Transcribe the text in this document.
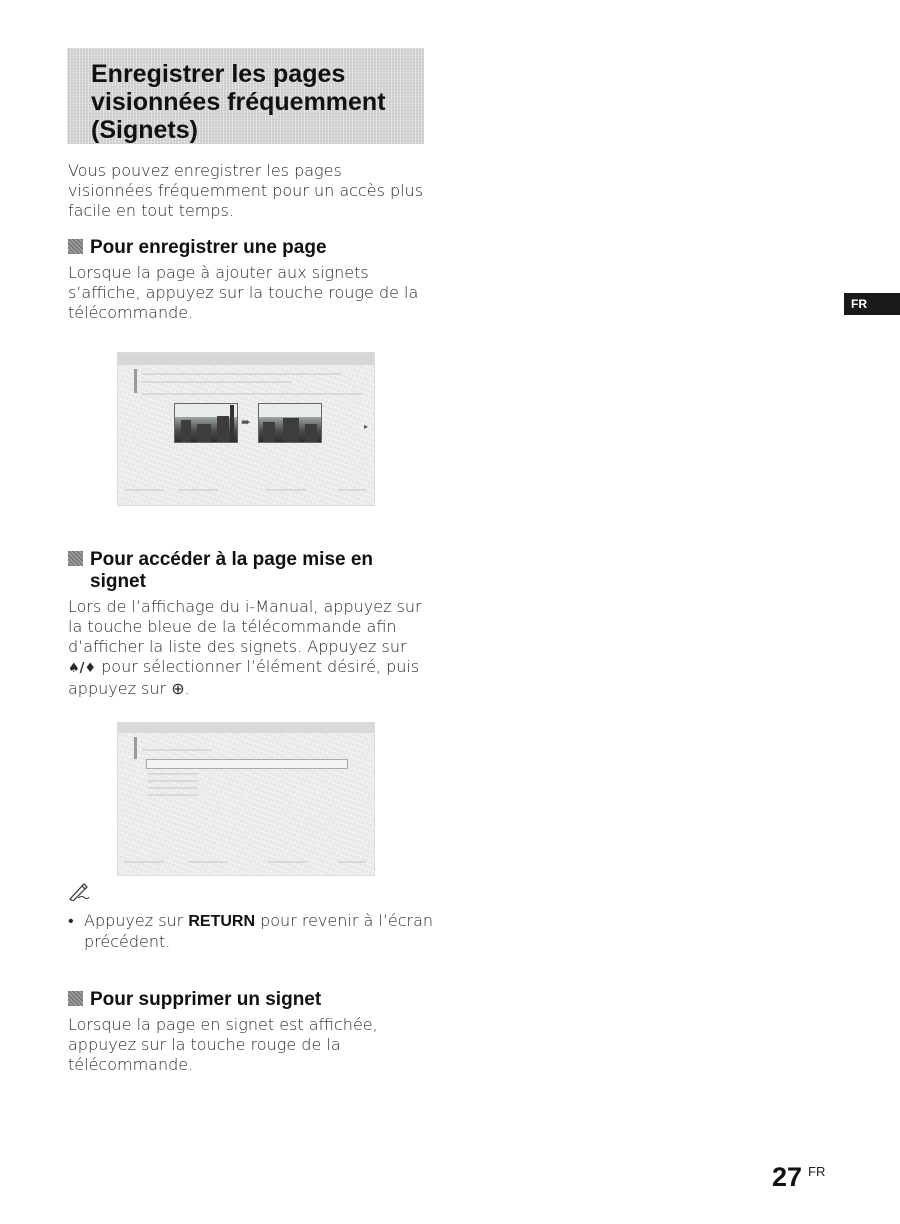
Enregistrer les pages
visionnées fréquemment
(Signets)
Vous pouvez enregistrer les pages
visionnées fréquemment pour un accès plus
facile en tout temps.
Pour enregistrer une page
Lorsque la page à ajouter aux signets
s’affiche, appuyez sur la touche rouge de la
télécommande.	FR
➨	▸
Pour accéder à la page mise en
signet
Lors de l’affichage du i-Manual, appuyez sur
la touche bleue de la télécommande afin
d’afficher la liste des signets. Appuyez sur
♠/♦ pour sélectionner l’élément désiré, puis
appuyez sur ⊕.
• Appuyez sur RETURN pour revenir à l’écran
précédent.
Pour supprimer un signet
Lorsque la page en signet est affichée,
appuyez sur la touche rouge de la
télécommande.
27 FR
